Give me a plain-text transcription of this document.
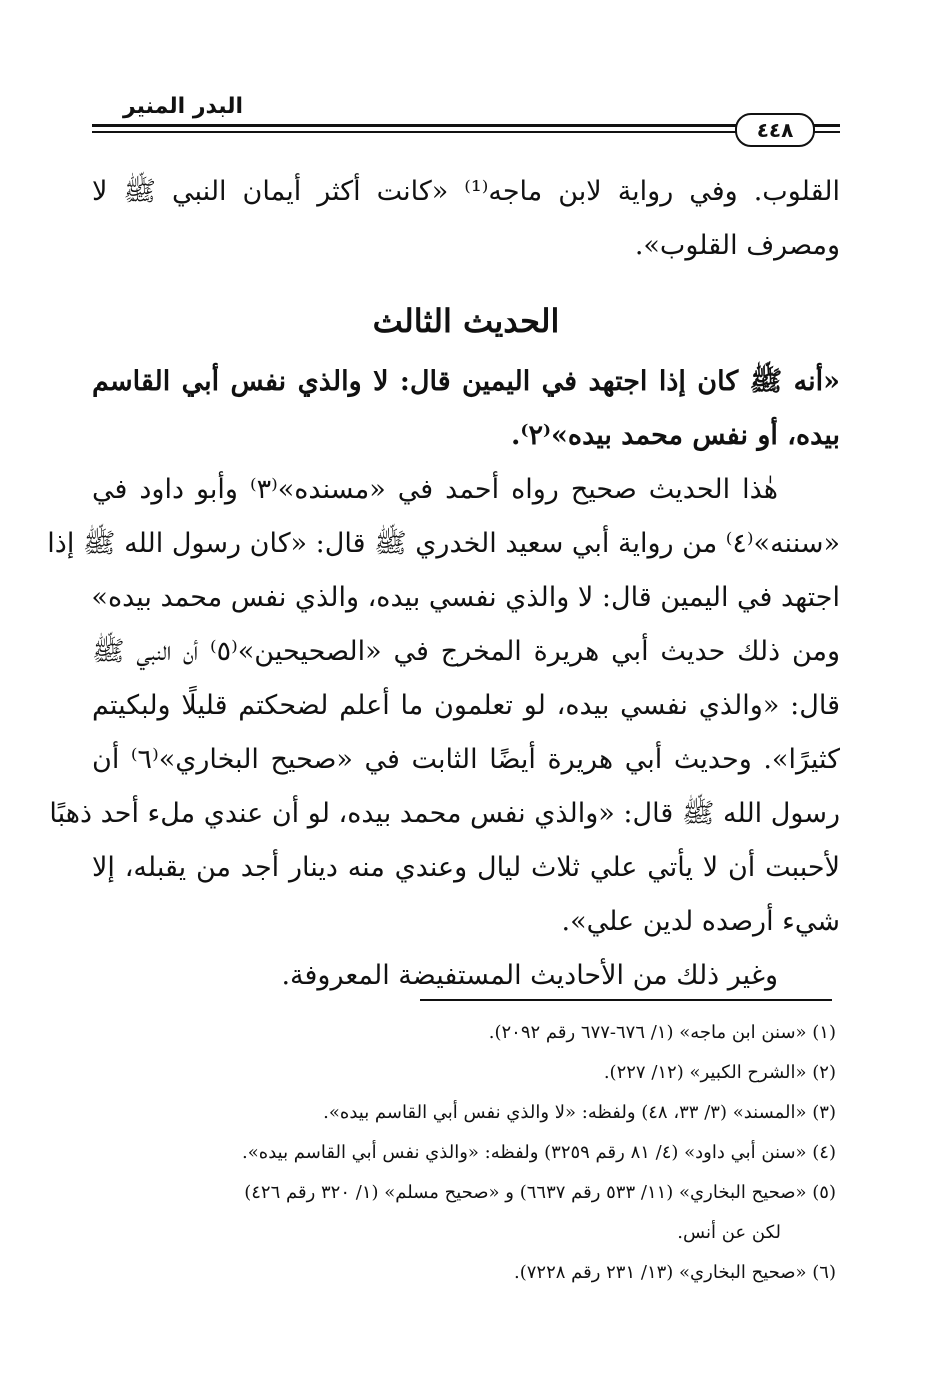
البدر المنير
٤٤٨
القلوب. وفي رواية لابن ماجه⁽¹⁾ «كانت أكثر أيمان النبي ﷺ لا
ومصرف القلوب».
الحديث الثالث
«أنه ﷺ كان إذا اجتهد في اليمين قال: لا والذي نفس أبي القاسم
بيده، أو نفس محمد بيده»⁽٢⁾.
هٰذا الحديث صحيح رواه أحمد في «مسنده»⁽٣⁾ وأبو داود في
«سننه»⁽٤⁾ من رواية أبي سعيد الخدري ﷺ قال: «كان رسول الله ﷺ إذا
اجتهد في اليمين قال: لا والذي نفسي بيده، والذي نفس محمد بيده»
ومن ذلك حديث أبي هريرة المخرج في «الصحيحين»⁽٥⁾ أن النبي ﷺ
قال: «والذي نفسي بيده، لو تعلمون ما أعلم لضحكتم قليلًا ولبكيتم
كثيرًا». وحديث أبي هريرة أيضًا الثابت في «صحيح البخاري»⁽٦⁾ أن
رسول الله ﷺ قال: «والذي نفس محمد بيده، لو أن عندي ملء أحد ذهبًا
لأحببت أن لا يأتي علي ثلاث ليال وعندي منه دينار أجد من يقبله، إلا
شيء أرصده لدين علي».
وغير ذلك من الأحاديث المستفيضة المعروفة.
(١) «سنن ابن ماجه» (١/ ٦٧٦-٦٧٧ رقم ٢٠٩٢).
(٢) «الشرح الكبير» (١٢/ ٢٢٧).
(٣) «المسند» (٣/ ٣٣، ٤٨) ولفظه: «لا والذي نفس أبي القاسم بيده».
(٤) «سنن أبي داود» (٤/ ٨١ رقم ٣٢٥٩) ولفظه: «والذي نفس أبي القاسم بيده».
(٥) «صحيح البخاري» (١١/ ٥٣٣ رقم ٦٦٣٧) و «صحيح مسلم» (١/ ٣٢٠ رقم ٤٢٦)
لكن عن أنس.
(٦) «صحيح البخاري» (١٣/ ٢٣١ رقم ٧٢٢٨).
